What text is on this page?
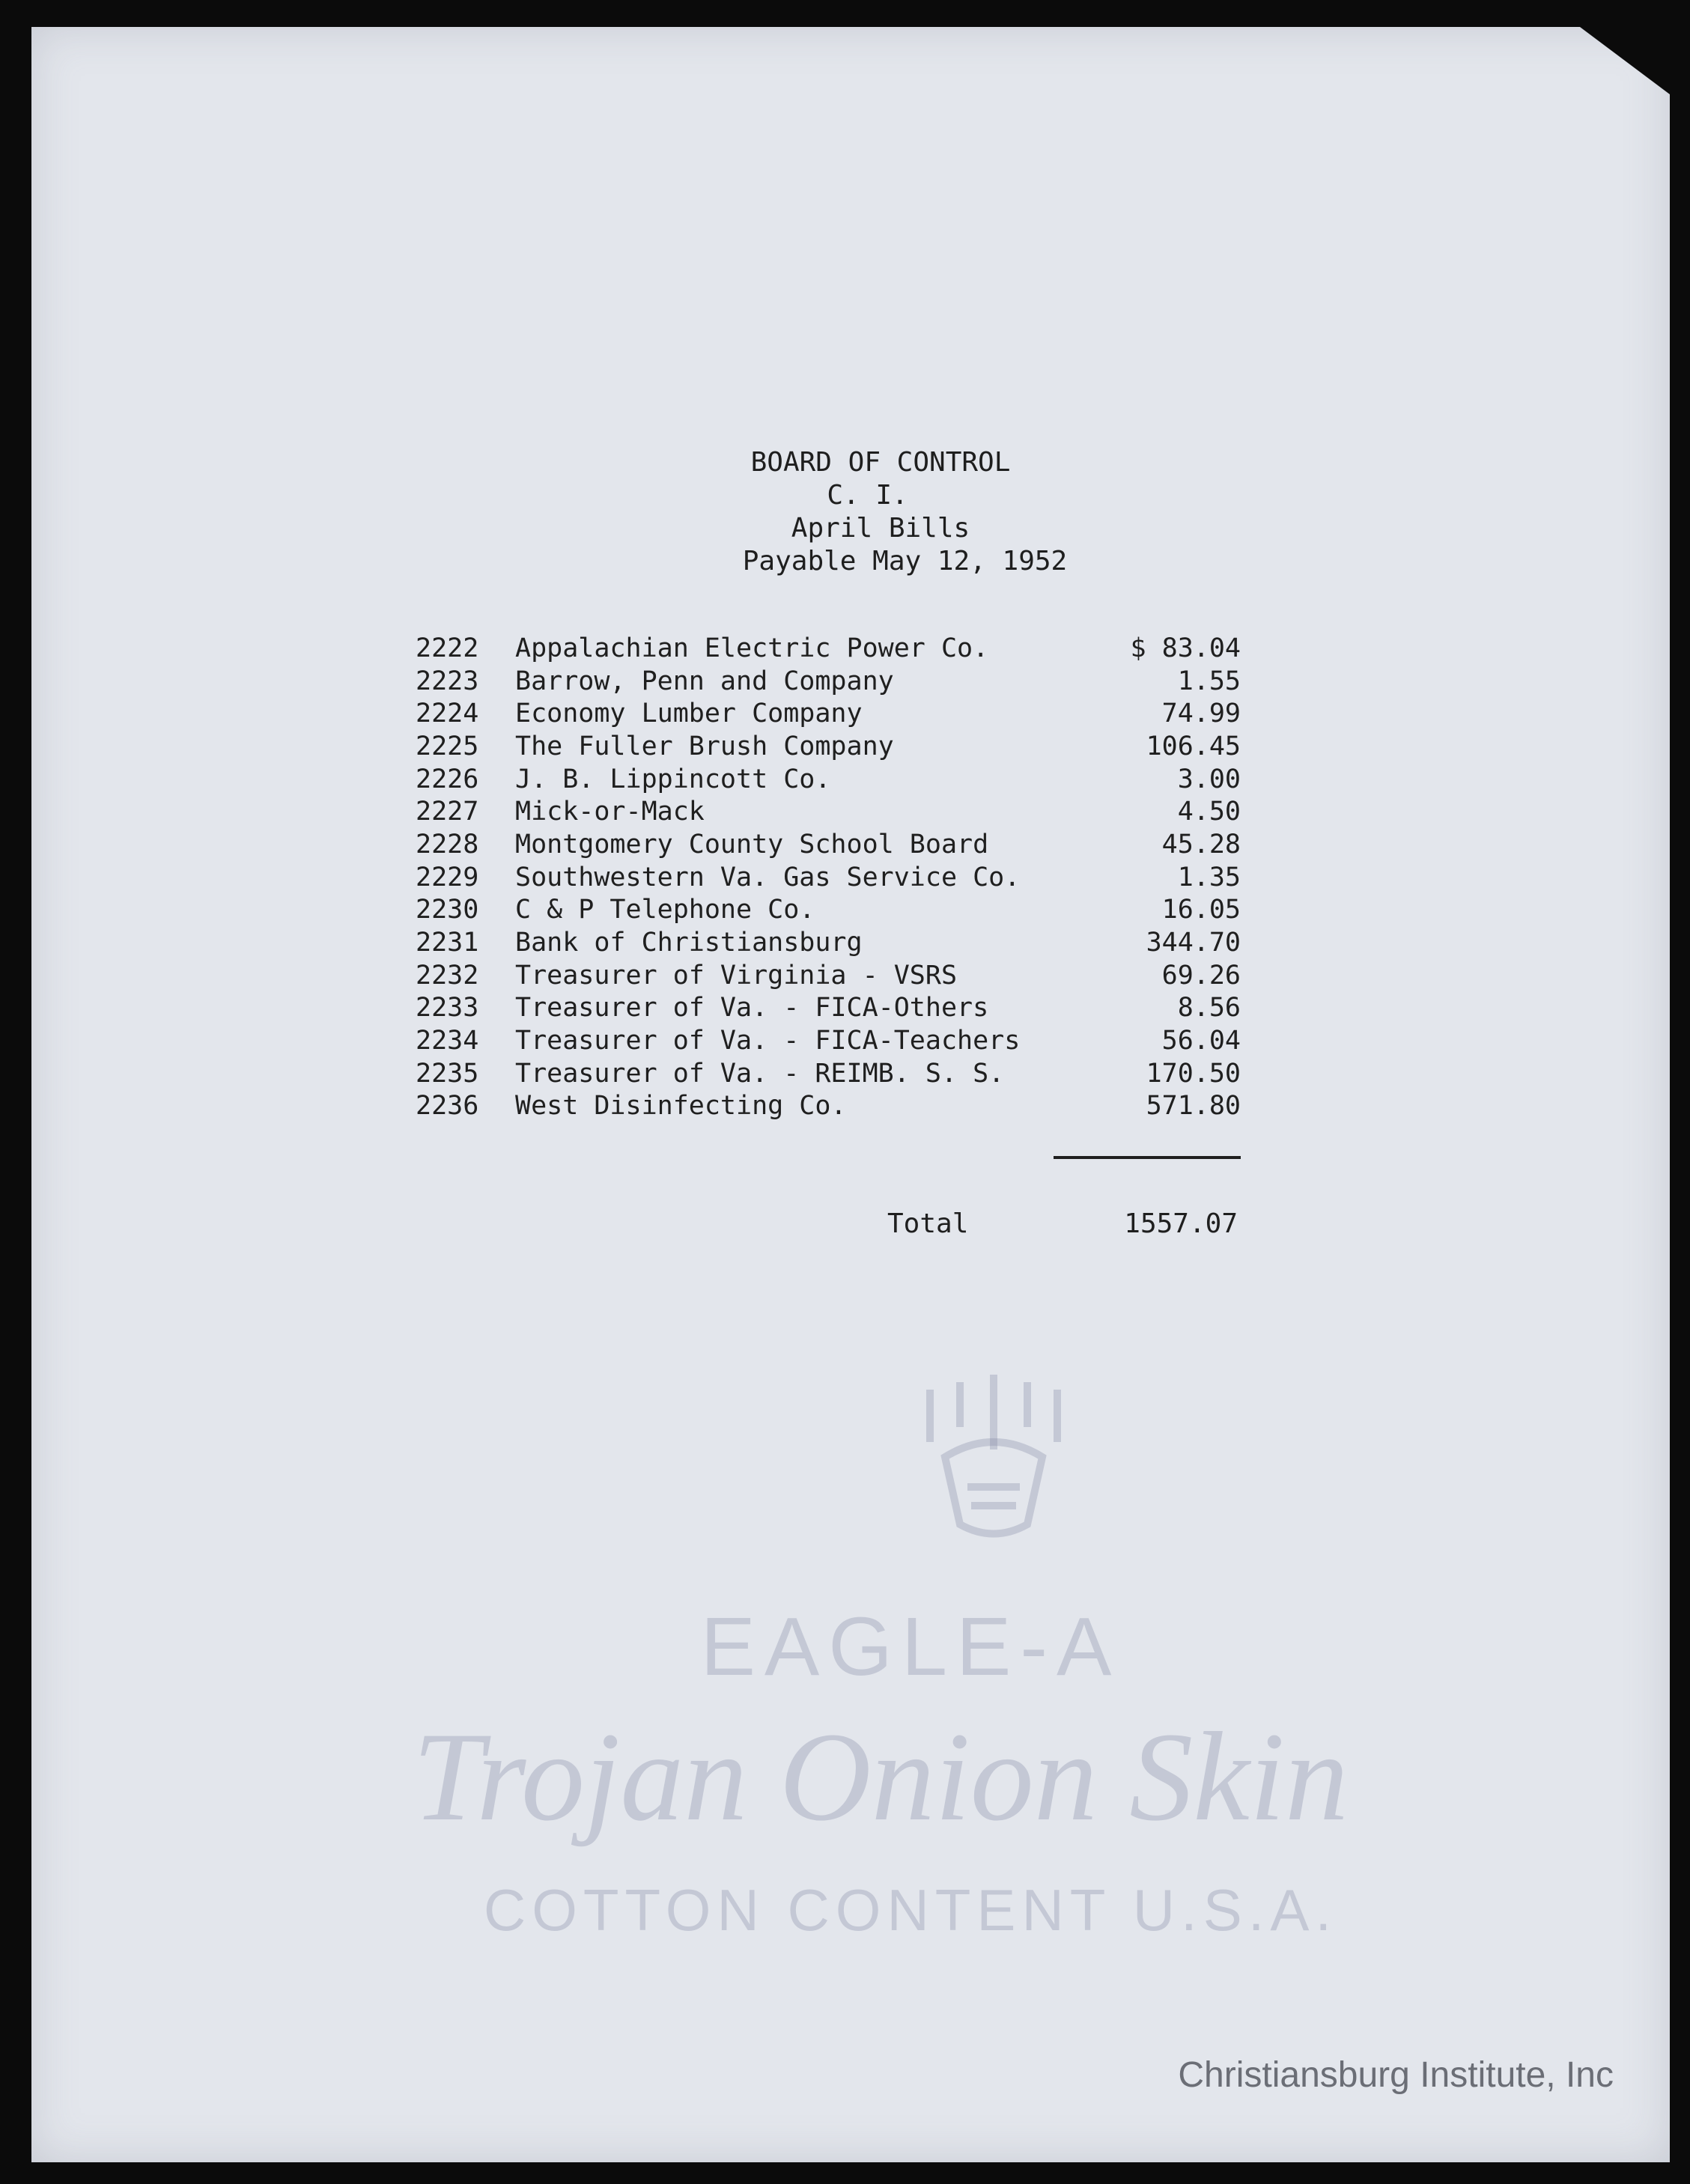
BOARD OF CONTROL
C. I.
April Bills
Payable May 12, 1952
2222	Appalachian Electric Power Co.	$ 83.04
2223	Barrow, Penn and Company	1.55
2224	Economy Lumber Company	74.99
2225	The Fuller Brush Company	106.45
2226	J. B. Lippincott Co.	3.00
2227	Mick-or-Mack	4.50
2228	Montgomery County School Board	45.28
2229	Southwestern Va. Gas Service Co.	1.35
2230	C & P Telephone Co.	16.05
2231	Bank of Christiansburg	344.70
2232	Treasurer of Virginia - VSRS	69.26
2233	Treasurer of Va. - FICA-Others	8.56
2234	Treasurer of Va. - FICA-Teachers	56.04
2235	Treasurer of Va. - REIMB. S. S.	170.50
2236	West Disinfecting Co.	571.80
Total	1557.07
EAGLE-A
Trojan Onion Skin
COTTON CONTENT U.S.A.
Christiansburg Institute, Inc
